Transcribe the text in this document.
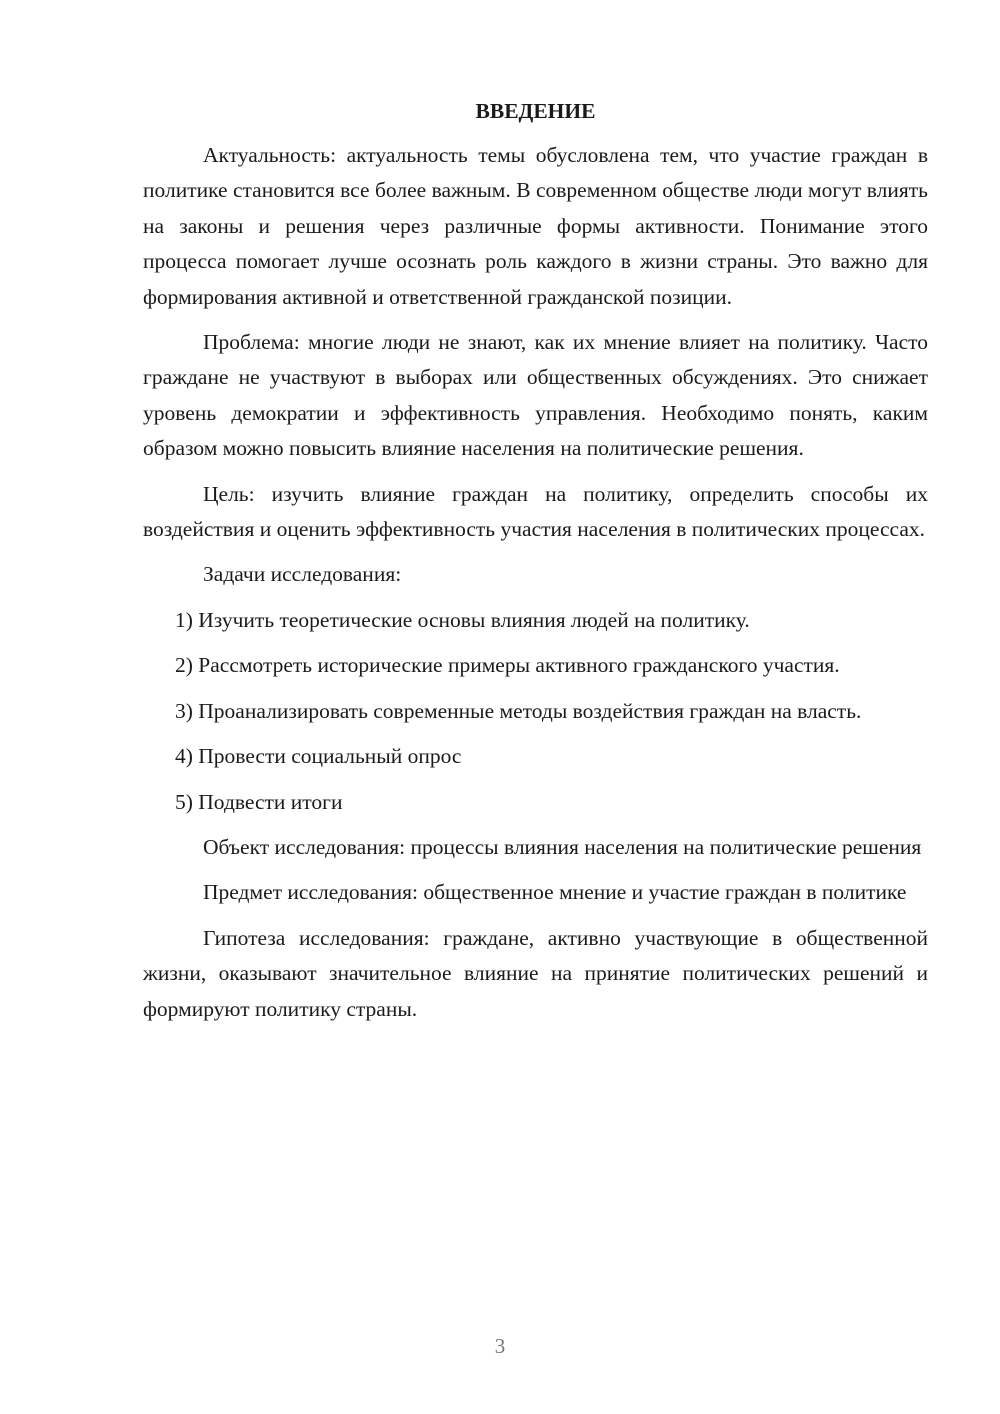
ВВЕДЕНИЕ

Актуальность: актуальность темы обусловлена тем, что участие граждан в политике становится все более важным. В современном обществе люди могут влиять на законы и решения через различные формы активности. Понимание этого процесса помогает лучше осознать роль каждого в жизни страны. Это важно для формирования активной и ответственной гражданской позиции.

Проблема: многие люди не знают, как их мнение влияет на политику. Часто граждане не участвуют в выборах или общественных обсуждениях. Это снижает уровень демократии и эффективность управления. Необходимо понять, каким образом можно повысить влияние населения на политические решения.

Цель: изучить влияние граждан на политику, определить способы их воздействия и оценить эффективность участия населения в политических процессах.

Задачи исследования:

1) Изучить теоретические основы влияния людей на политику.

2) Рассмотреть исторические примеры активного гражданского участия.

3) Проанализировать современные методы воздействия граждан на власть.

4) Провести социальный опрос

5) Подвести итоги

Объект исследования: процессы влияния населения на политические решения

Предмет исследования: общественное мнение и участие граждан в политике

Гипотеза исследования: граждане, активно участвующие в общественной жизни, оказывают значительное влияние на принятие политических решений и формируют политику страны.

3
